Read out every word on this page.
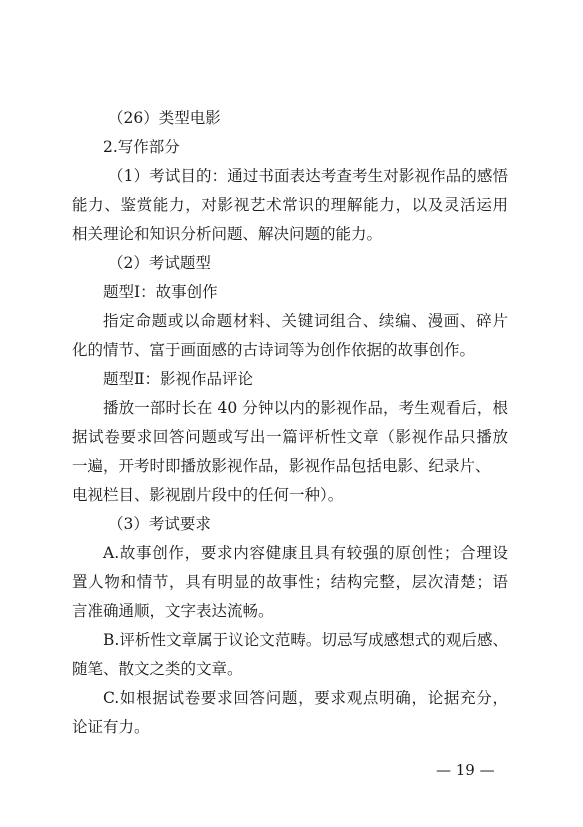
（26）类型电影
2.写作部分
（1）考试目的：通过书面表达考查考生对影视作品的感悟
能力、鉴赏能力，对影视艺术常识的理解能力，以及灵活运用
相关理论和知识分析问题、解决问题的能力。
（2）考试题型
题型Ⅰ：故事创作
指定命题或以命题材料、关键词组合、续编、漫画、碎片
化的情节、富于画面感的古诗词等为创作依据的故事创作。
题型Ⅱ：影视作品评论
播放一部时长在 40 分钟以内的影视作品，考生观看后，根
据试卷要求回答问题或写出一篇评析性文章（影视作品只播放
一遍，开考时即播放影视作品，影视作品包括电影、纪录片、
电视栏目、影视剧片段中的任何一种）。
（3）考试要求
A.故事创作，要求内容健康且具有较强的原创性；合理设
置人物和情节，具有明显的故事性；结构完整，层次清楚；语
言准确通顺，文字表达流畅。
B.评析性文章属于议论文范畴。切忌写成感想式的观后感、
随笔、散文之类的文章。
C.如根据试卷要求回答问题，要求观点明确，论据充分，
论证有力。
— 19 —
